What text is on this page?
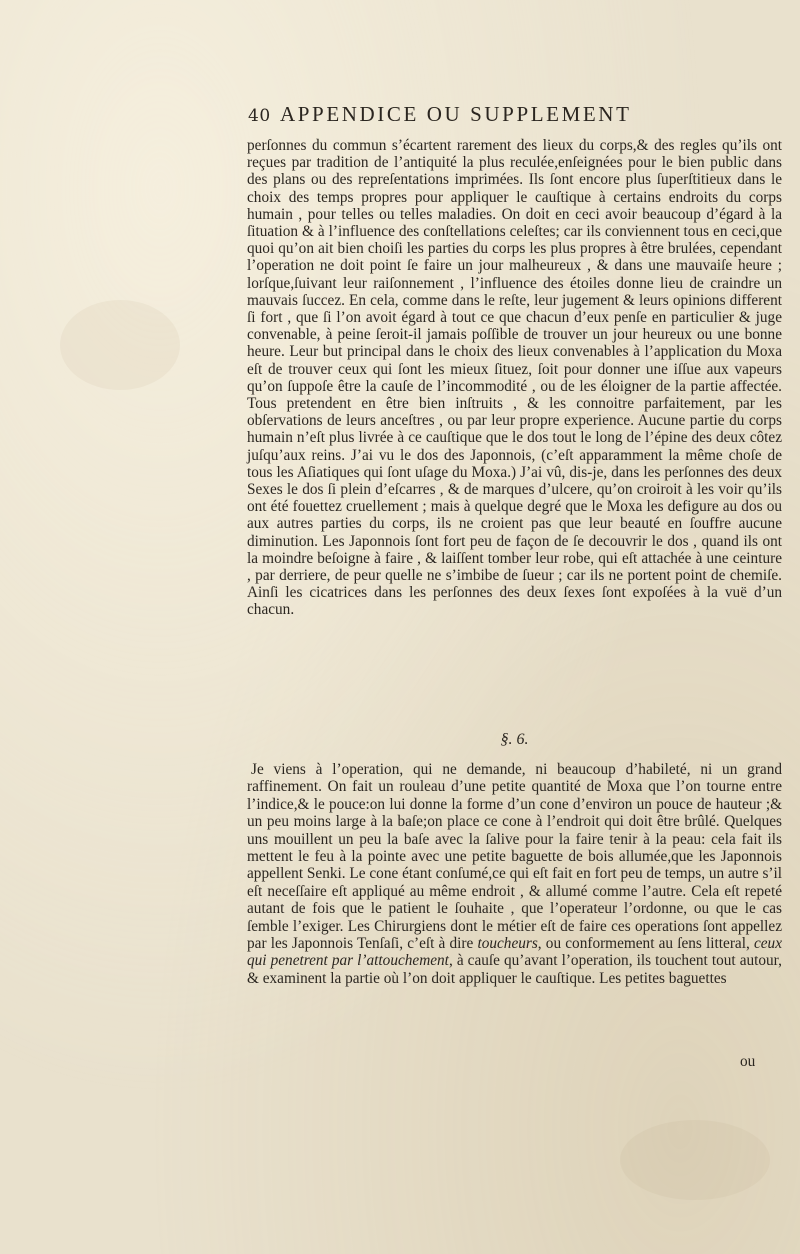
40 APPENDICE OU SUPPLEMENT

perſonnes du commun s’écartent rarement des lieux du corps,& des regles qu’ils ont reçues par tradition de l’antiquité la plus reculée,enſeignées pour le bien public dans des plans ou des repreſentations imprimées. Ils ſont encore plus ſuperſtitieux dans le choix des temps propres pour appliquer le cauſtique à certains endroits du corps humain , pour telles ou telles maladies. On doit en ceci avoir beaucoup d’égard à la ſituation & à l’influence des conſtellations celeſtes; car ils conviennent tous en ceci,que quoi qu’on ait bien choiſi les parties du corps les plus propres à être brulées, cependant l’operation ne doit point ſe faire un jour malheureux , & dans une mauvaiſe heure ; lorſque,ſuivant leur raiſonnement , l’influence des étoiles donne lieu de craindre un mauvais ſuccez. En cela, comme dans le reſte, leur jugement & leurs opinions different ſi fort , que ſi l’on avoit égard à tout ce que chacun d’eux penſe en particulier & juge convenable, à peine ſeroit-il jamais poſſible de trouver un jour heureux ou une bonne heure. Leur but principal dans le choix des lieux convenables à l’application du Moxa eſt de trouver ceux qui ſont les mieux ſituez, ſoit pour donner une iſſue aux vapeurs qu’on ſuppoſe être la cauſe de l’incommodité , ou de les éloigner de la partie affectée. Tous pretendent en être bien inſtruits , & les connoitre parfaitement, par les obſervations de leurs anceſtres , ou par leur propre experience. Aucune partie du corps humain n’eſt plus livrée à ce cauſtique que le dos tout le long de l’épine des deux côtez juſqu’aux reins. J’ai vu le dos des Japonnois, (c’eſt apparamment la même choſe de tous les Aſiatiques qui ſont uſage du Moxa.) J’ai vû, dis-je, dans les perſonnes des deux Sexes le dos ſi plein d’eſcarres , & de marques d’ulcere, qu’on croiroit à les voir qu’ils ont été fouettez cruellement ; mais à quelque degré que le Moxa les defigure au dos ou aux autres parties du corps, ils ne croient pas que leur beauté en ſouffre aucune diminution. Les Japonnois ſont fort peu de façon de ſe decouvrir le dos , quand ils ont la moindre beſoigne à faire , & laiſſent tomber leur robe, qui eſt attachée à une ceinture , par derriere, de peur quelle ne s’imbibe de ſueur ; car ils ne portent point de chemiſe. Ainſi les cicatrices dans les perſonnes des deux ſexes ſont expoſées à la vuë d’un chacun.

§. 6.

Je viens à l’operation, qui ne demande, ni beaucoup d’habileté, ni un grand raffinement. On fait un rouleau d’une petite quantité de Moxa que l’on tourne entre l’indice,& le pouce:on lui donne la forme d’un cone d’environ un pouce de hauteur ;& un peu moins large à la baſe;on place ce cone à l’endroit qui doit être brûlé. Quelques uns mouillent un peu la baſe avec la ſalive pour la faire tenir à la peau: cela fait ils mettent le feu à la pointe avec une petite baguette de bois allumée,que les Japonnois appellent Senki. Le cone étant conſumé,ce qui eſt fait en fort peu de temps, un autre s’il eſt neceſſaire eſt appliqué au même endroit , & allumé comme l’autre. Cela eſt repeté autant de fois que le patient le ſouhaite , que l’operateur l’ordonne, ou que le cas ſemble l’exiger. Les Chirurgiens dont le métier eſt de faire ces operations ſont appellez par les Japonnois Tenſaſi, c’eſt à dire toucheurs, ou conformement au ſens litteral, ceux qui penetrent par l’attouchement, à cauſe qu’avant l’operation, ils touchent tout autour, & examinent la partie où l’on doit appliquer le cauſtique. Les petites baguettes

ou
